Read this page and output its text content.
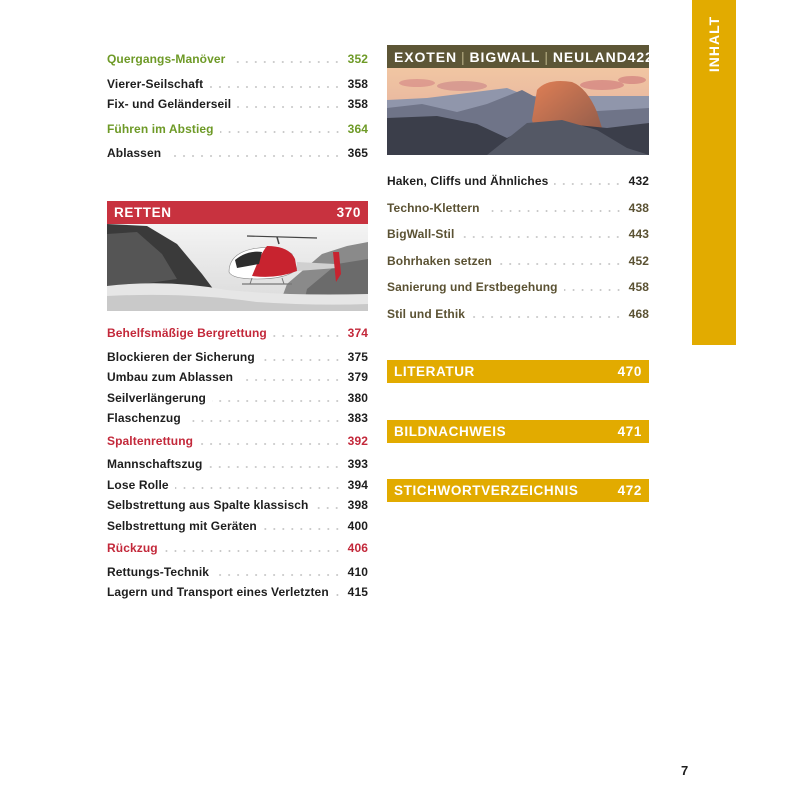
INHALT
Quergangs-Manöver	352
Vierer-Seilschaft	358
Fix- und Geländerseil	358
Führen im Abstieg	364
Ablassen	365
RETTEN	370
Behelfsmäßige Bergrettung	374
Blockieren der Sicherung	375
Umbau zum Ablassen	379
Seilverlängerung	380
Flaschenzug	383
Spaltenrettung	392
Mannschaftszug	393
Lose Rolle	394
Selbstrettung aus Spalte klassisch	398
Selbstrettung mit Geräten	400
Rückzug	406
Rettungs-Technik	410
Lagern und Transport eines Verletzten 415
EXOTEN | BIGWALL | NEULAND 422
Haken, Cliffs und Ähnliches	432
Techno-Klettern	438
BigWall-Stil	443
Bohrhaken setzen	452
Sanierung und Erstbegehung	458
Stil und Ethik	468
LITERATUR	470
BILDNACHWEIS	471
STICHWORTVERZEICHNIS	472
7
